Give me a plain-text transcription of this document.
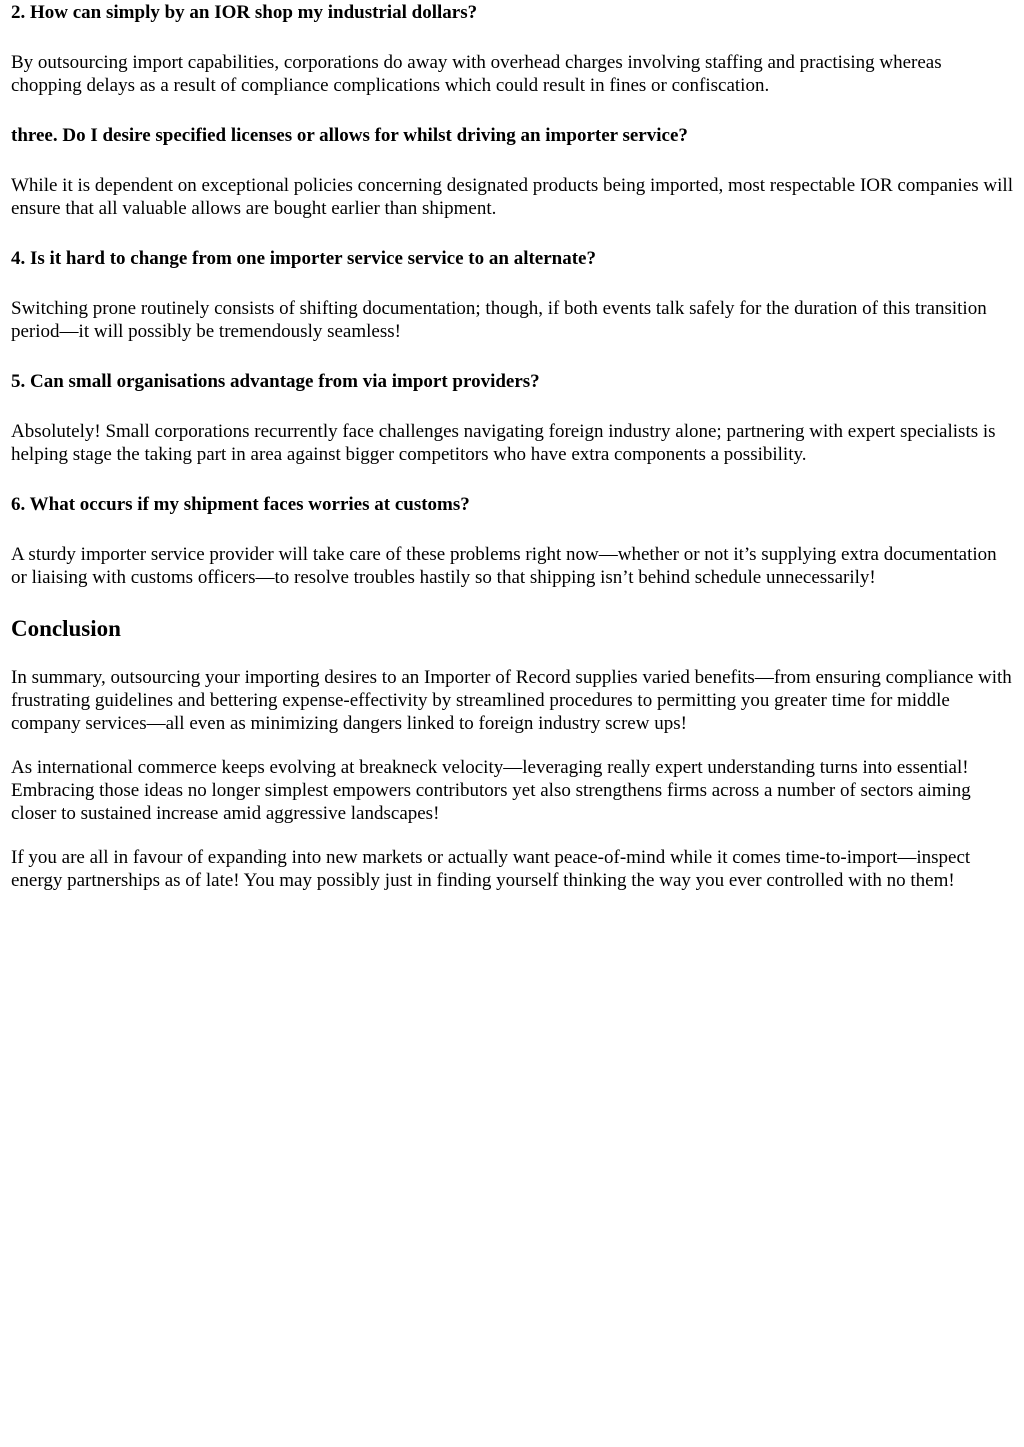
2. How can simply by an IOR shop my industrial dollars?

By outsourcing import capabilities, corporations do away with overhead charges involving staffing and practising whereas chopping delays as a result of compliance complications which could result in fines or confiscation.

three. Do I desire specified licenses or allows for whilst driving an importer service?

While it is dependent on exceptional policies concerning designated products being imported, most respectable IOR companies will ensure that all valuable allows are bought earlier than shipment.

4. Is it hard to change from one importer service service to an alternate?

Switching prone routinely consists of shifting documentation; though, if both events talk safely for the duration of this transition period—it will possibly be tremendously seamless!

5. Can small organisations advantage from via import providers?

Absolutely! Small corporations recurrently face challenges navigating foreign industry alone; partnering with expert specialists is helping stage the taking part in area against bigger competitors who have extra components a possibility.

6. What occurs if my shipment faces worries at customs?

A sturdy importer service provider will take care of these problems right now—whether or not it’s supplying extra documentation or liaising with customs officers—to resolve troubles hastily so that shipping isn’t behind schedule unnecessarily!

Conclusion

In summary, outsourcing your importing desires to an Importer of Record supplies varied benefits—from ensuring compliance with frustrating guidelines and bettering expense-effectivity by streamlined procedures to permitting you greater time for middle company services—all even as minimizing dangers linked to foreign industry screw ups!

As international commerce keeps evolving at breakneck velocity—leveraging really expert understanding turns into essential! Embracing those ideas no longer simplest empowers contributors yet also strengthens firms across a number of sectors aiming closer to sustained increase amid aggressive landscapes!

If you are all in favour of expanding into new markets or actually want peace-of-mind while it comes time-to-import—inspect energy partnerships as of late! You may possibly just in finding yourself thinking the way you ever controlled with no them!
